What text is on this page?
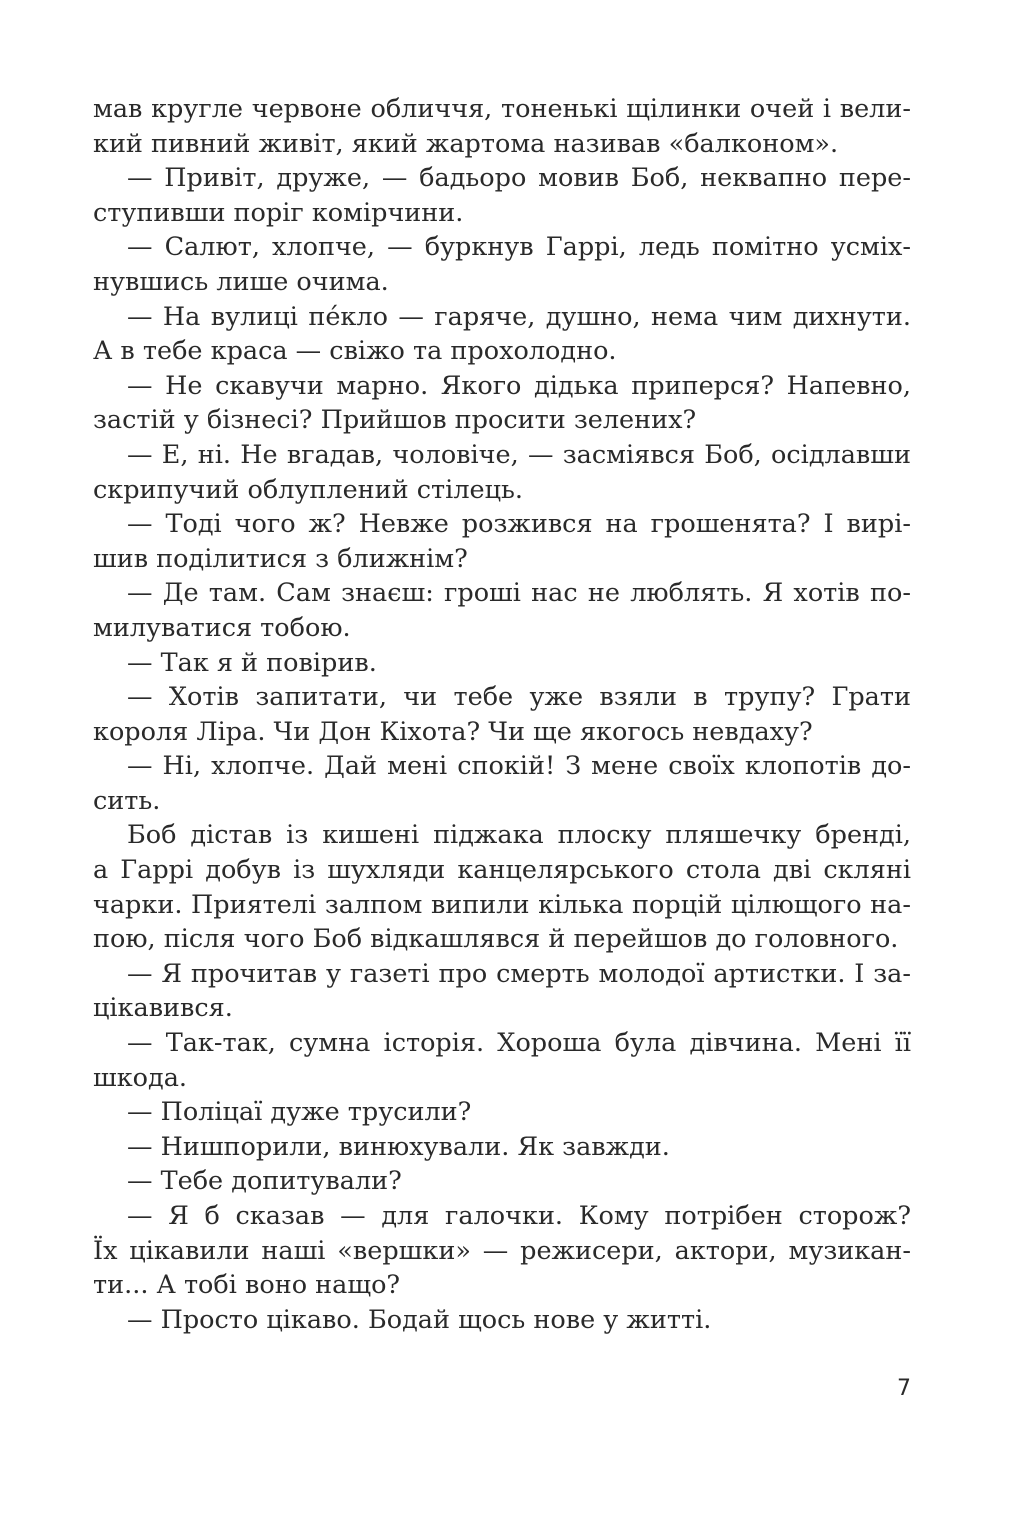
мав кругле червоне обличчя, тоненькі щілинки очей і вели-
кий пивний живіт, який жартома називав «балконом».
— Привіт, друже, — бадьоро мовив Боб, неквапно пере-
ступивши поріг комірчини.
— Салют, хлопче, — буркнув Гаррі, ледь помітно усміх-
нувшись лише очима.
— На вулиці пе́кло — гаряче, душно, нема чим дихнути.
А в тебе краса — свіжо та прохолодно.
— Не скавучи марно. Якого дідька приперся? Напевно,
застій у бізнесі? Прийшов просити зелених?
— Е, ні. Не вгадав, чоловіче, — засміявся Боб, осідлавши
скрипучий облуплений стілець.
— Тоді чого ж? Невже розжився на грошенята? І вирі-
шив поділитися з ближнім?
— Де там. Сам знаєш: гроші нас не люблять. Я хотів по-
милуватися тобою.
— Так я й повірив.
— Хотів запитати, чи тебе уже взяли в трупу? Грати
короля Ліра. Чи Дон Кіхота? Чи ще якогось невдаху?
— Ні, хлопче. Дай мені спокій! З мене своїх клопотів до-
сить.
Боб дістав із кишені піджака плоску пляшечку бренді,
а Гаррі добув із шухляди канцелярського стола дві скляні
чарки. Приятелі залпом випили кілька порцій цілющого на-
пою, після чого Боб відкашлявся й перейшов до головного.
— Я прочитав у газеті про смерть молодої артистки. І за-
цікавився.
— Так-так, сумна історія. Хороша була дівчина. Мені її
шкода.
— Поліцаї дуже трусили?
— Нишпорили, винюхували. Як завжди.
— Тебе допитували?
— Я б сказав — для галочки. Кому потрібен сторож?
Їх цікавили наші «вершки» — режисери, актори, музикан-
ти... А тобі воно нащо?
— Просто цікаво. Бодай щось нове у житті.
7
